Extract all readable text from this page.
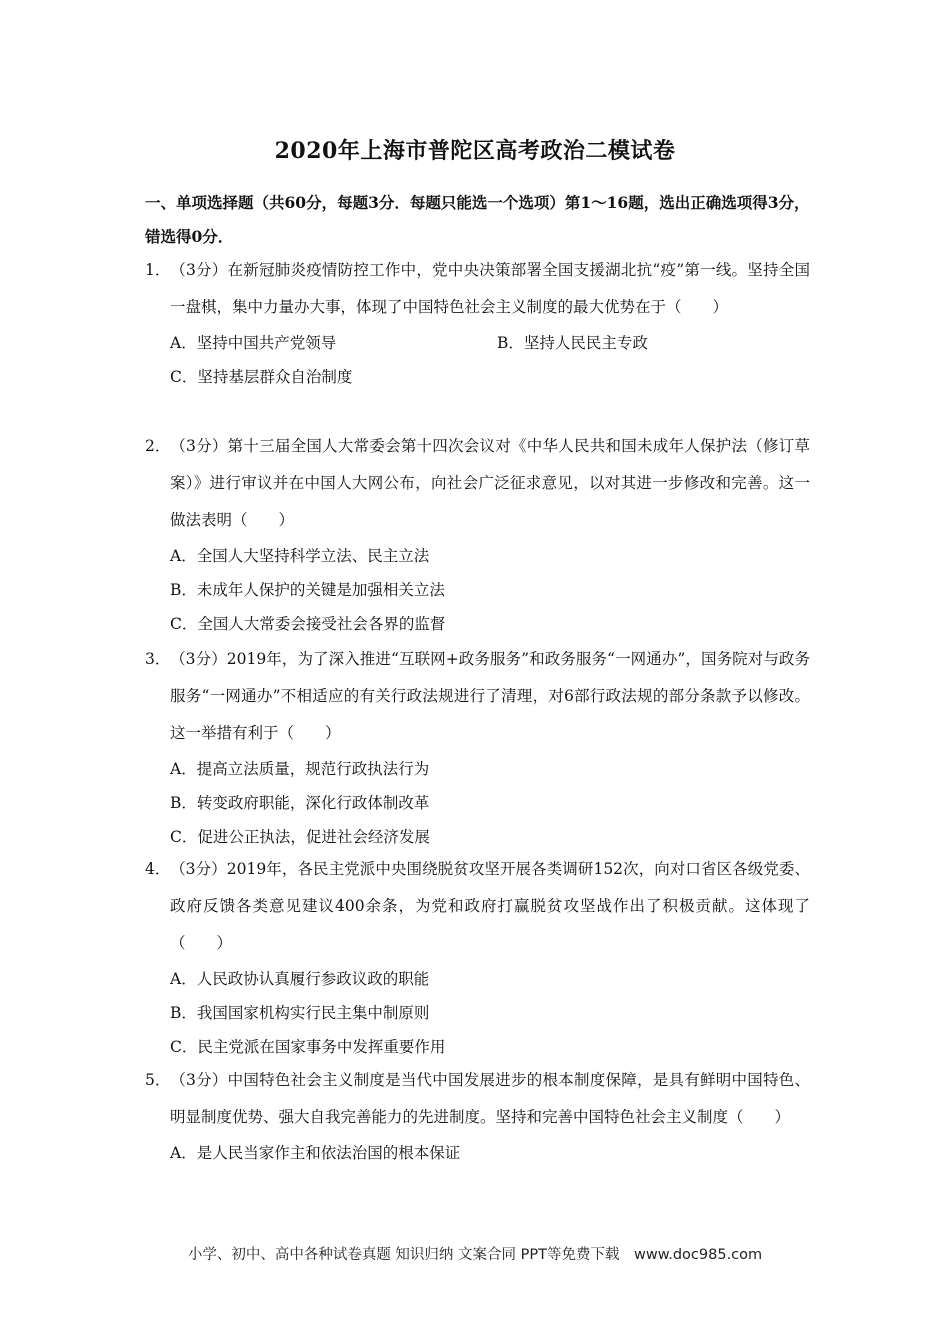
2020年上海市普陀区高考政治二模试卷
一、单项选择题（共60分，每题3分．每题只能选一个选项）第1～16题，选出正确选项得3分，错选得0分．
1．（3分）在新冠肺炎疫情防控工作中，党中央决策部署全国支援湖北抗“疫”第一线。坚持全国一盘棋，集中力量办大事，体现了中国特色社会主义制度的最大优势在于（　　）
A．坚持中国共产党领导	B．坚持人民民主专政
C．坚持基层群众自治制度
2．（3分）第十三届全国人大常委会第十四次会议对《中华人民共和国未成年人保护法（修订草案）》进行审议并在中国人大网公布，向社会广泛征求意见，以对其进一步修改和完善。这一做法表明（　　）
A．全国人大坚持科学立法、民主立法
B．未成年人保护的关键是加强相关立法
C．全国人大常委会接受社会各界的监督
3．（3分）2019年，为了深入推进“互联网+政务服务”和政务服务“一网通办”，国务院对与政务服务“一网通办”不相适应的有关行政法规进行了清理，对6部行政法规的部分条款予以修改。这一举措有利于（　　）
A．提高立法质量，规范行政执法行为
B．转变政府职能，深化行政体制改革
C．促进公正执法，促进社会经济发展
4．（3分）2019年，各民主党派中央围绕脱贫攻坚开展各类调研152次，向对口省区各级党委、政府反馈各类意见建议400余条，为党和政府打赢脱贫攻坚战作出了积极贡献。这体现了（　　）
A．人民政协认真履行参政议政的职能
B．我国国家机构实行民主集中制原则
C．民主党派在国家事务中发挥重要作用
5．（3分）中国特色社会主义制度是当代中国发展进步的根本制度保障，是具有鲜明中国特色、明显制度优势、强大自我完善能力的先进制度。坚持和完善中国特色社会主义制度（　　）
A．是人民当家作主和依法治国的根本保证
小学、初中、高中各种试卷真题 知识归纳 文案合同 PPT等免费下载　www.doc985.com
